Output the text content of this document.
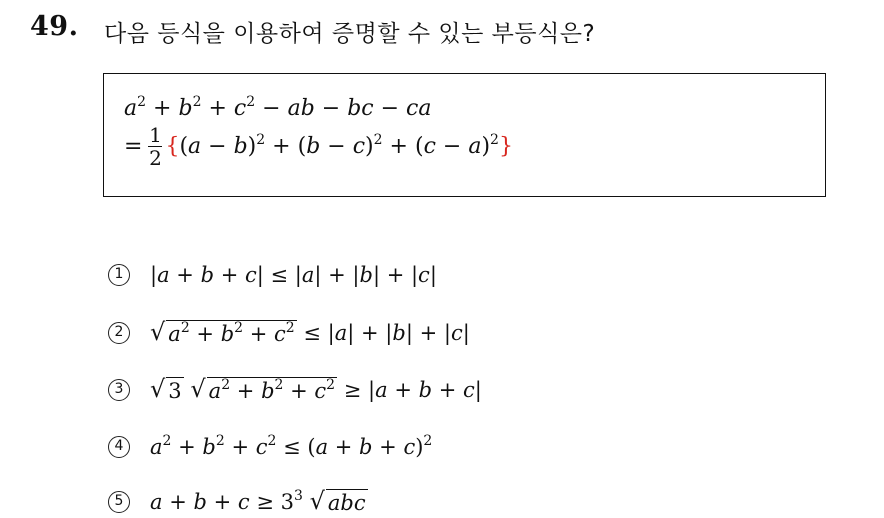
49. 다음 등식을 이용하여 증명할 수 있는 부등식은?
$a^2 + b^2 + c^2$ − ab − bc − ca
= $\frac{1}{2} \{(a - b)^2 + (b - c)^2 + (c - a)^2\}$
1	|a + b + c| ≤ |a| + |b| + |c|
2 √ $a^2 + b^2 + c^2 \le |a| + |b| + |c|$
3 √ 3
√ $a^2 + b^2 + c^2 \ge |a + b + c|$
4	$a^2 + b^2 + c^2 \le (a + b + c)^2$
5	$a + b + c \ge 3^3$ √ abc
